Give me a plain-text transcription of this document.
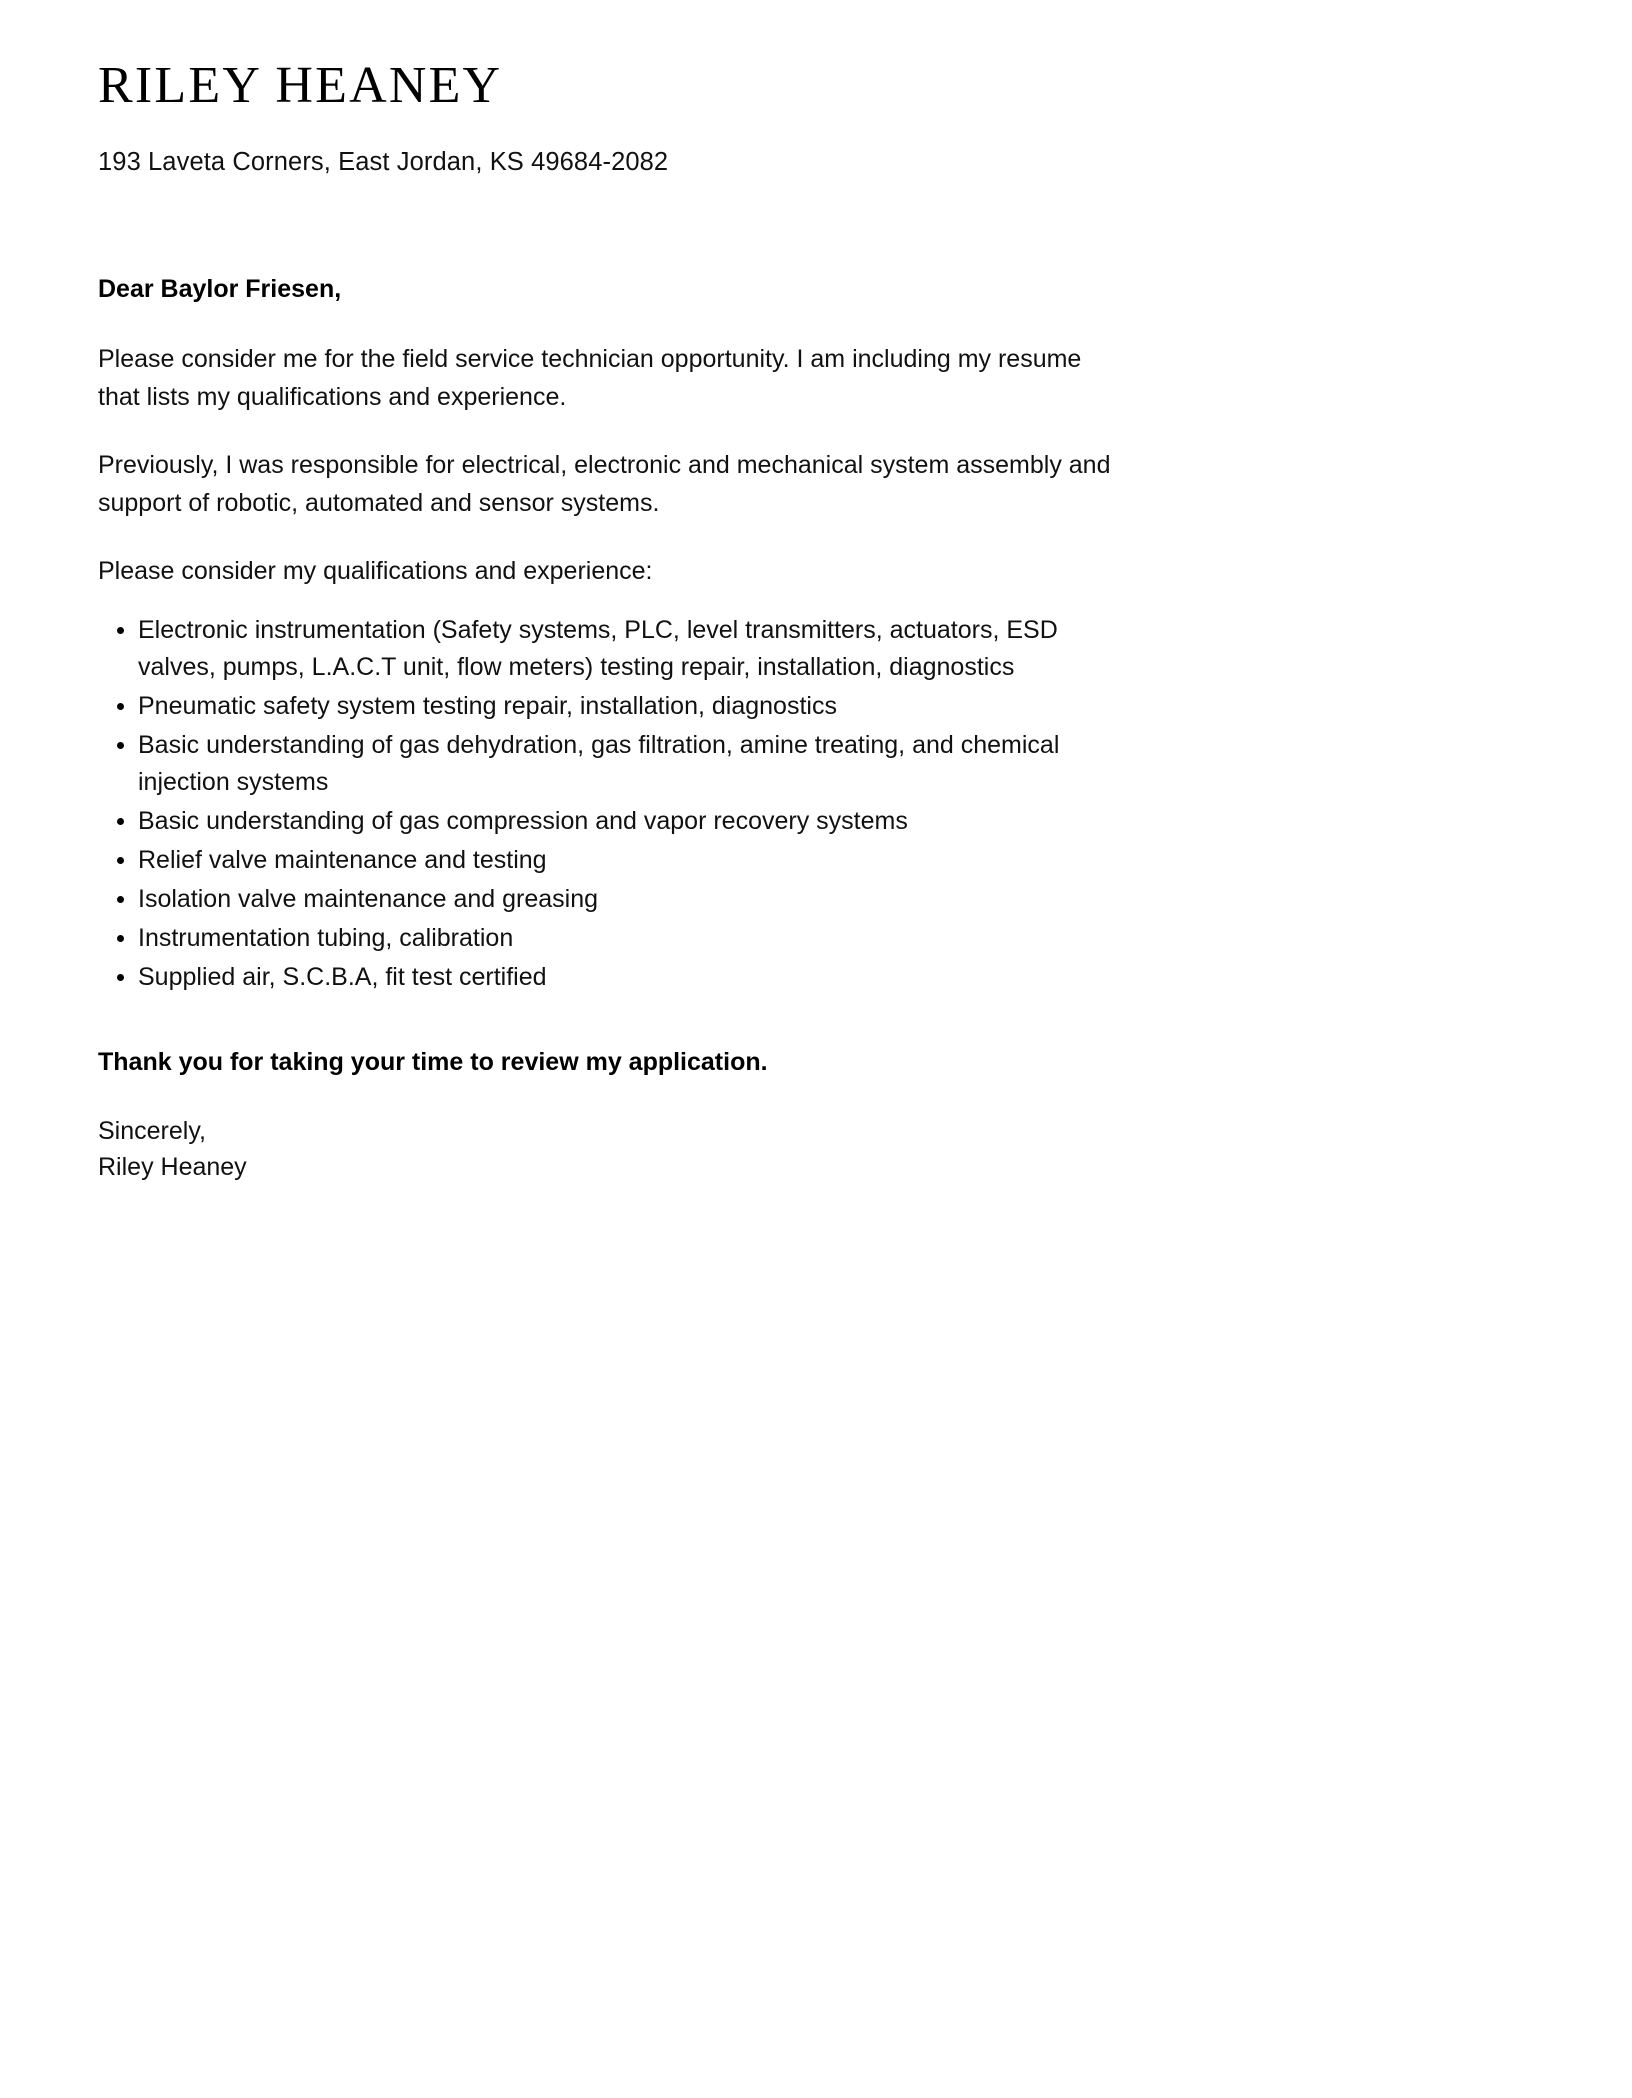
RILEY HEANEY
193 Laveta Corners, East Jordan, KS 49684-2082
Dear Baylor Friesen,

Please consider me for the field service technician opportunity. I am including my resume that lists my qualifications and experience.

Previously, I was responsible for electrical, electronic and mechanical system assembly and support of robotic, automated and sensor systems.

Please consider my qualifications and experience:

Electronic instrumentation (Safety systems, PLC, level transmitters, actuators, ESD valves, pumps, L.A.C.T unit, flow meters) testing repair, installation, diagnostics
Pneumatic safety system testing repair, installation, diagnostics
Basic understanding of gas dehydration, gas filtration, amine treating, and chemical injection systems
Basic understanding of gas compression and vapor recovery systems
Relief valve maintenance and testing
Isolation valve maintenance and greasing
Instrumentation tubing, calibration
Supplied air, S.C.B.A, fit test certified
Thank you for taking your time to review my application.
Sincerely,
Riley Heaney
